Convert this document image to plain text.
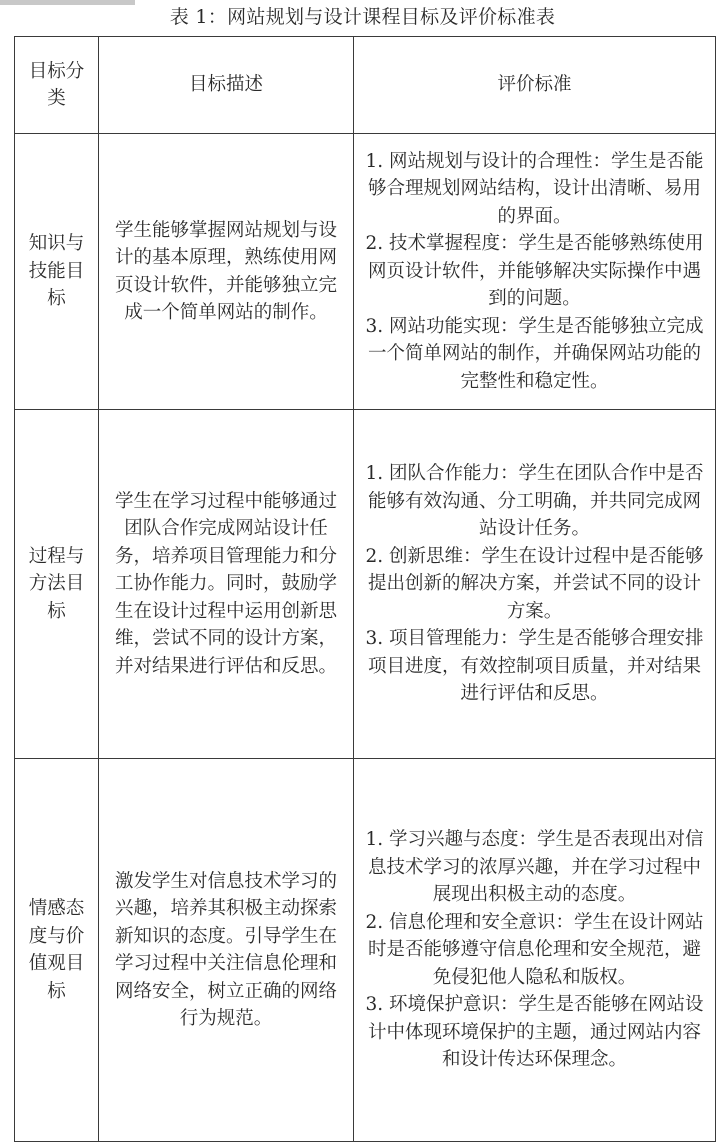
表 1：网站规划与设计课程目标及评价标准表
目标分类	目标描述	评价标准
知识与技能目标	学生能够掌握网站规划与设计的基本原理，熟练使用网页设计软件，并能够独立完成一个简单网站的制作。	1. 网站规划与设计的合理性：学生是否能够合理规划网站结构，设计出清晰、易用的界面。
2. 技术掌握程度：学生是否能够熟练使用网页设计软件，并能够解决实际操作中遇到的问题。
3. 网站功能实现：学生是否能够独立完成一个简单网站的制作，并确保网站功能的完整性和稳定性。

过程与方法目标	学生在学习过程中能够通过团队合作完成网站设计任务，培养项目管理能力和分工协作能力。同时，鼓励学生在设计过程中运用创新思维，尝试不同的设计方案，并对结果进行评估和反思。	1. 团队合作能力：学生在团队合作中是否能够有效沟通、分工明确，并共同完成网站设计任务。
2. 创新思维：学生在设计过程中是否能够提出创新的解决方案，并尝试不同的设计方案。
3. 项目管理能力：学生是否能够合理安排项目进度，有效控制项目质量，并对结果进行评估和反思。

情感态度与价值观目标	激发学生对信息技术学习的兴趣，培养其积极主动探索新知识的态度。引导学生在学习过程中关注信息伦理和网络安全，树立正确的网络行为规范。	1. 学习兴趣与态度：学生是否表现出对信息技术学习的浓厚兴趣，并在学习过程中展现出积极主动的态度。
2. 信息伦理和安全意识：学生在设计网站时是否能够遵守信息伦理和安全规范，避免侵犯他人隐私和版权。
3. 环境保护意识：学生是否能够在网站设计中体现环境保护的主题，通过网站内容和设计传达环保理念。
